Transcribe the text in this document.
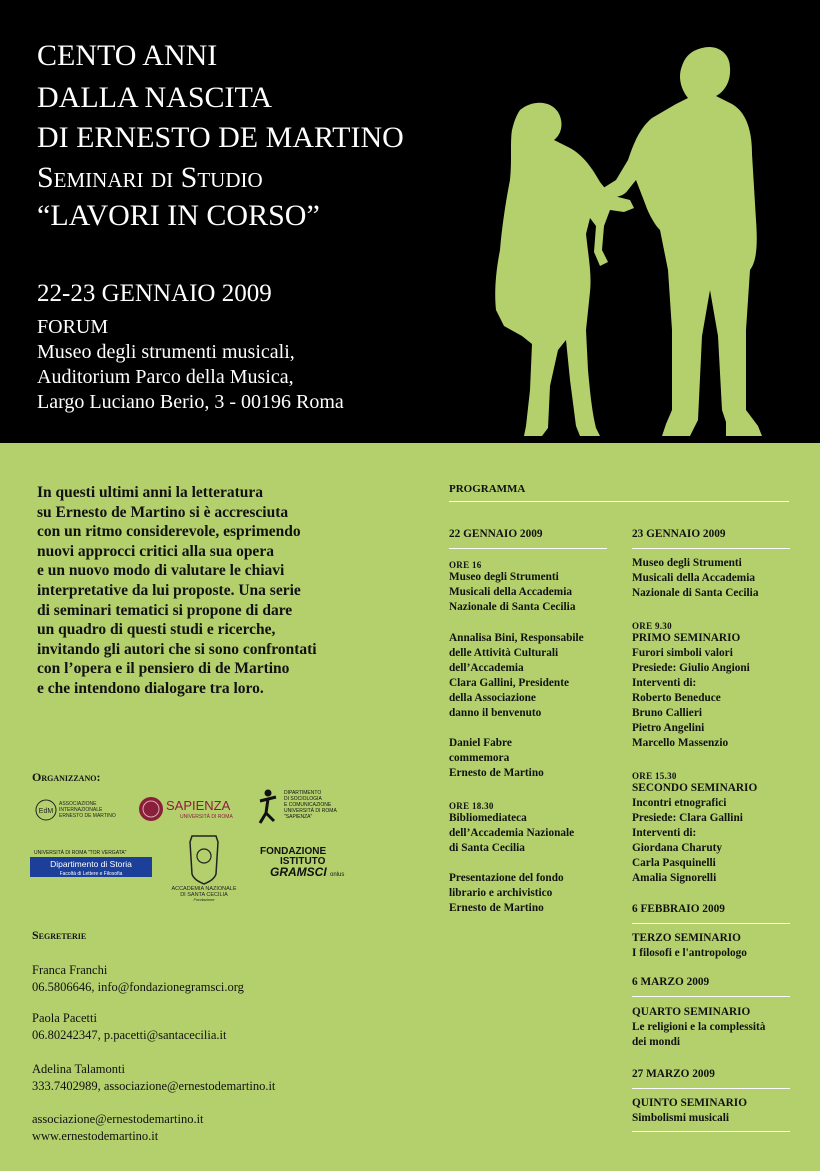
CENTO ANNI
DALLA NASCITA
DI ERNESTO DE MARTINO
Seminari di Studio
“LAVORI IN CORSO”
22-23 GENNAIO 2009
FORUM
Museo degli strumenti musicali,
Auditorium Parco della Musica,
Largo Luciano Berio, 3 - 00196 Roma
In questi ultimi anni la letteratura
su Ernesto de Martino si è accresciuta
con un ritmo considerevole, esprimendo
nuovi approcci critici alla sua opera
e un nuovo modo di valutare le chiavi
interpretative da lui proposte. Una serie
di seminari tematici si propone di dare
un quadro di questi studi e ricerche,
invitando gli autori che si sono confrontati
con l’opera e il pensiero di de Martino
e che intendono dialogare tra loro.
Organizzano:
EdM
ASSOCIAZIONE
INTERNAZIONALE
ERNESTO DE MARTINO
SAPIENZA
UNIVERSITÀ DI ROMA
DIPARTIMENTO
DI SOCIOLOGIA
E COMUNICAZIONE
UNIVERSITÀ DI ROMA
"SAPIENZA"
UNIVERSITÀ DI ROMA "TOR VERGATA"
Dipartimento di Storia
Facoltà di Lettere e Filosofia
ACCADEMIA NAZIONALE
DI SANTA CECILIA
Fondazione
FONDAZIONE
ISTITUTO
GRAMSCI onlus
Segreterie
Franca Franchi
06.5806646, info@fondazionegramsci.org
Paola Pacetti
06.80242347, p.pacetti@santacecilia.it
Adelina Talamonti
333.7402989, associazione@ernestodemartino.it
associazione@ernestodemartino.it
www.ernestodemartino.it
PROGRAMMA
22 GENNAIO 2009
ORE 16
Museo degli Strumenti
Musicali della Accademia
Nazionale di Santa Cecilia
Annalisa Bini, Responsabile
delle Attività Culturali
dell’Accademia
Clara Gallini, Presidente
della Associazione
danno il benvenuto
Daniel Fabre
commemora
Ernesto de Martino
ORE 18.30
Bibliomediateca
dell’Accademia Nazionale
di Santa Cecilia
Presentazione del fondo
librario e archivistico
Ernesto de Martino
23 GENNAIO 2009
Museo degli Strumenti
Musicali della Accademia
Nazionale di Santa Cecilia
ORE 9.30
PRIMO SEMINARIO
Furori simboli valori
Presiede: Giulio Angioni
Interventi di:
Roberto Beneduce
Bruno Callieri
Pietro Angelini
Marcello Massenzio
ORE 15.30
SECONDO SEMINARIO
Incontri etnografici
Presiede: Clara Gallini
Interventi di:
Giordana Charuty
Carla Pasquinelli
Amalia Signorelli
6 FEBBRAIO 2009
TERZO SEMINARIO
I filosofi e l'antropologo
6 MARZO 2009
QUARTO SEMINARIO
Le religioni e la complessità
dei mondi
27 MARZO 2009
QUINTO SEMINARIO
Simbolismi musicali
